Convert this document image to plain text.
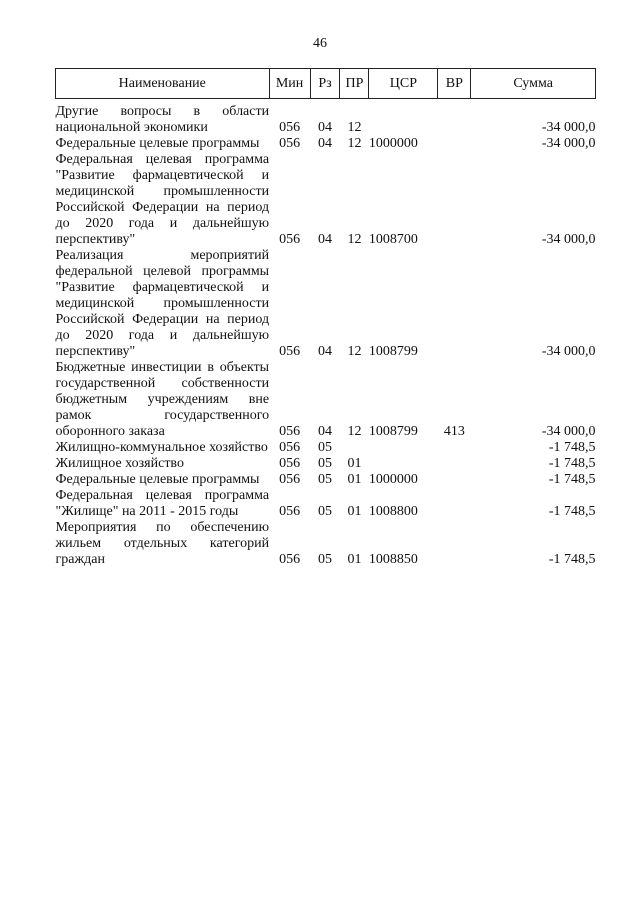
46
Наименование	Мин	Рз	ПР	ЦСР	ВР	Сумма
Другие вопросы в области национальной экономики	056	04	12			-34 000,0
Федеральные целевые программы	056	04	12	1000000		-34 000,0
Федеральная целевая программа "Развитие фармацевтической и медицинской промышленности Российской Федерации на период до 2020 года и дальнейшую перспективу"	056	04	12	1008700		-34 000,0
Реализация мероприятий федеральной целевой программы "Развитие фармацевтической и медицинской промышленности Российской Федерации на период до 2020 года и дальнейшую перспективу"	056	04	12	1008799		-34 000,0
Бюджетные инвестиции в объекты государственной собственности бюджетным учреждениям вне рамок государственного оборонного заказа	056	04	12	1008799	413	-34 000,0
Жилищно-коммунальное хозяйство	056	05				-1 748,5
Жилищное хозяйство	056	05	01			-1 748,5
Федеральные целевые программы	056	05	01	1000000		-1 748,5
Федеральная целевая программа "Жилище" на 2011 - 2015 годы	056	05	01	1008800		-1 748,5
Мероприятия по обеспечению жильем отдельных категорий граждан	056	05	01	1008850		-1 748,5
